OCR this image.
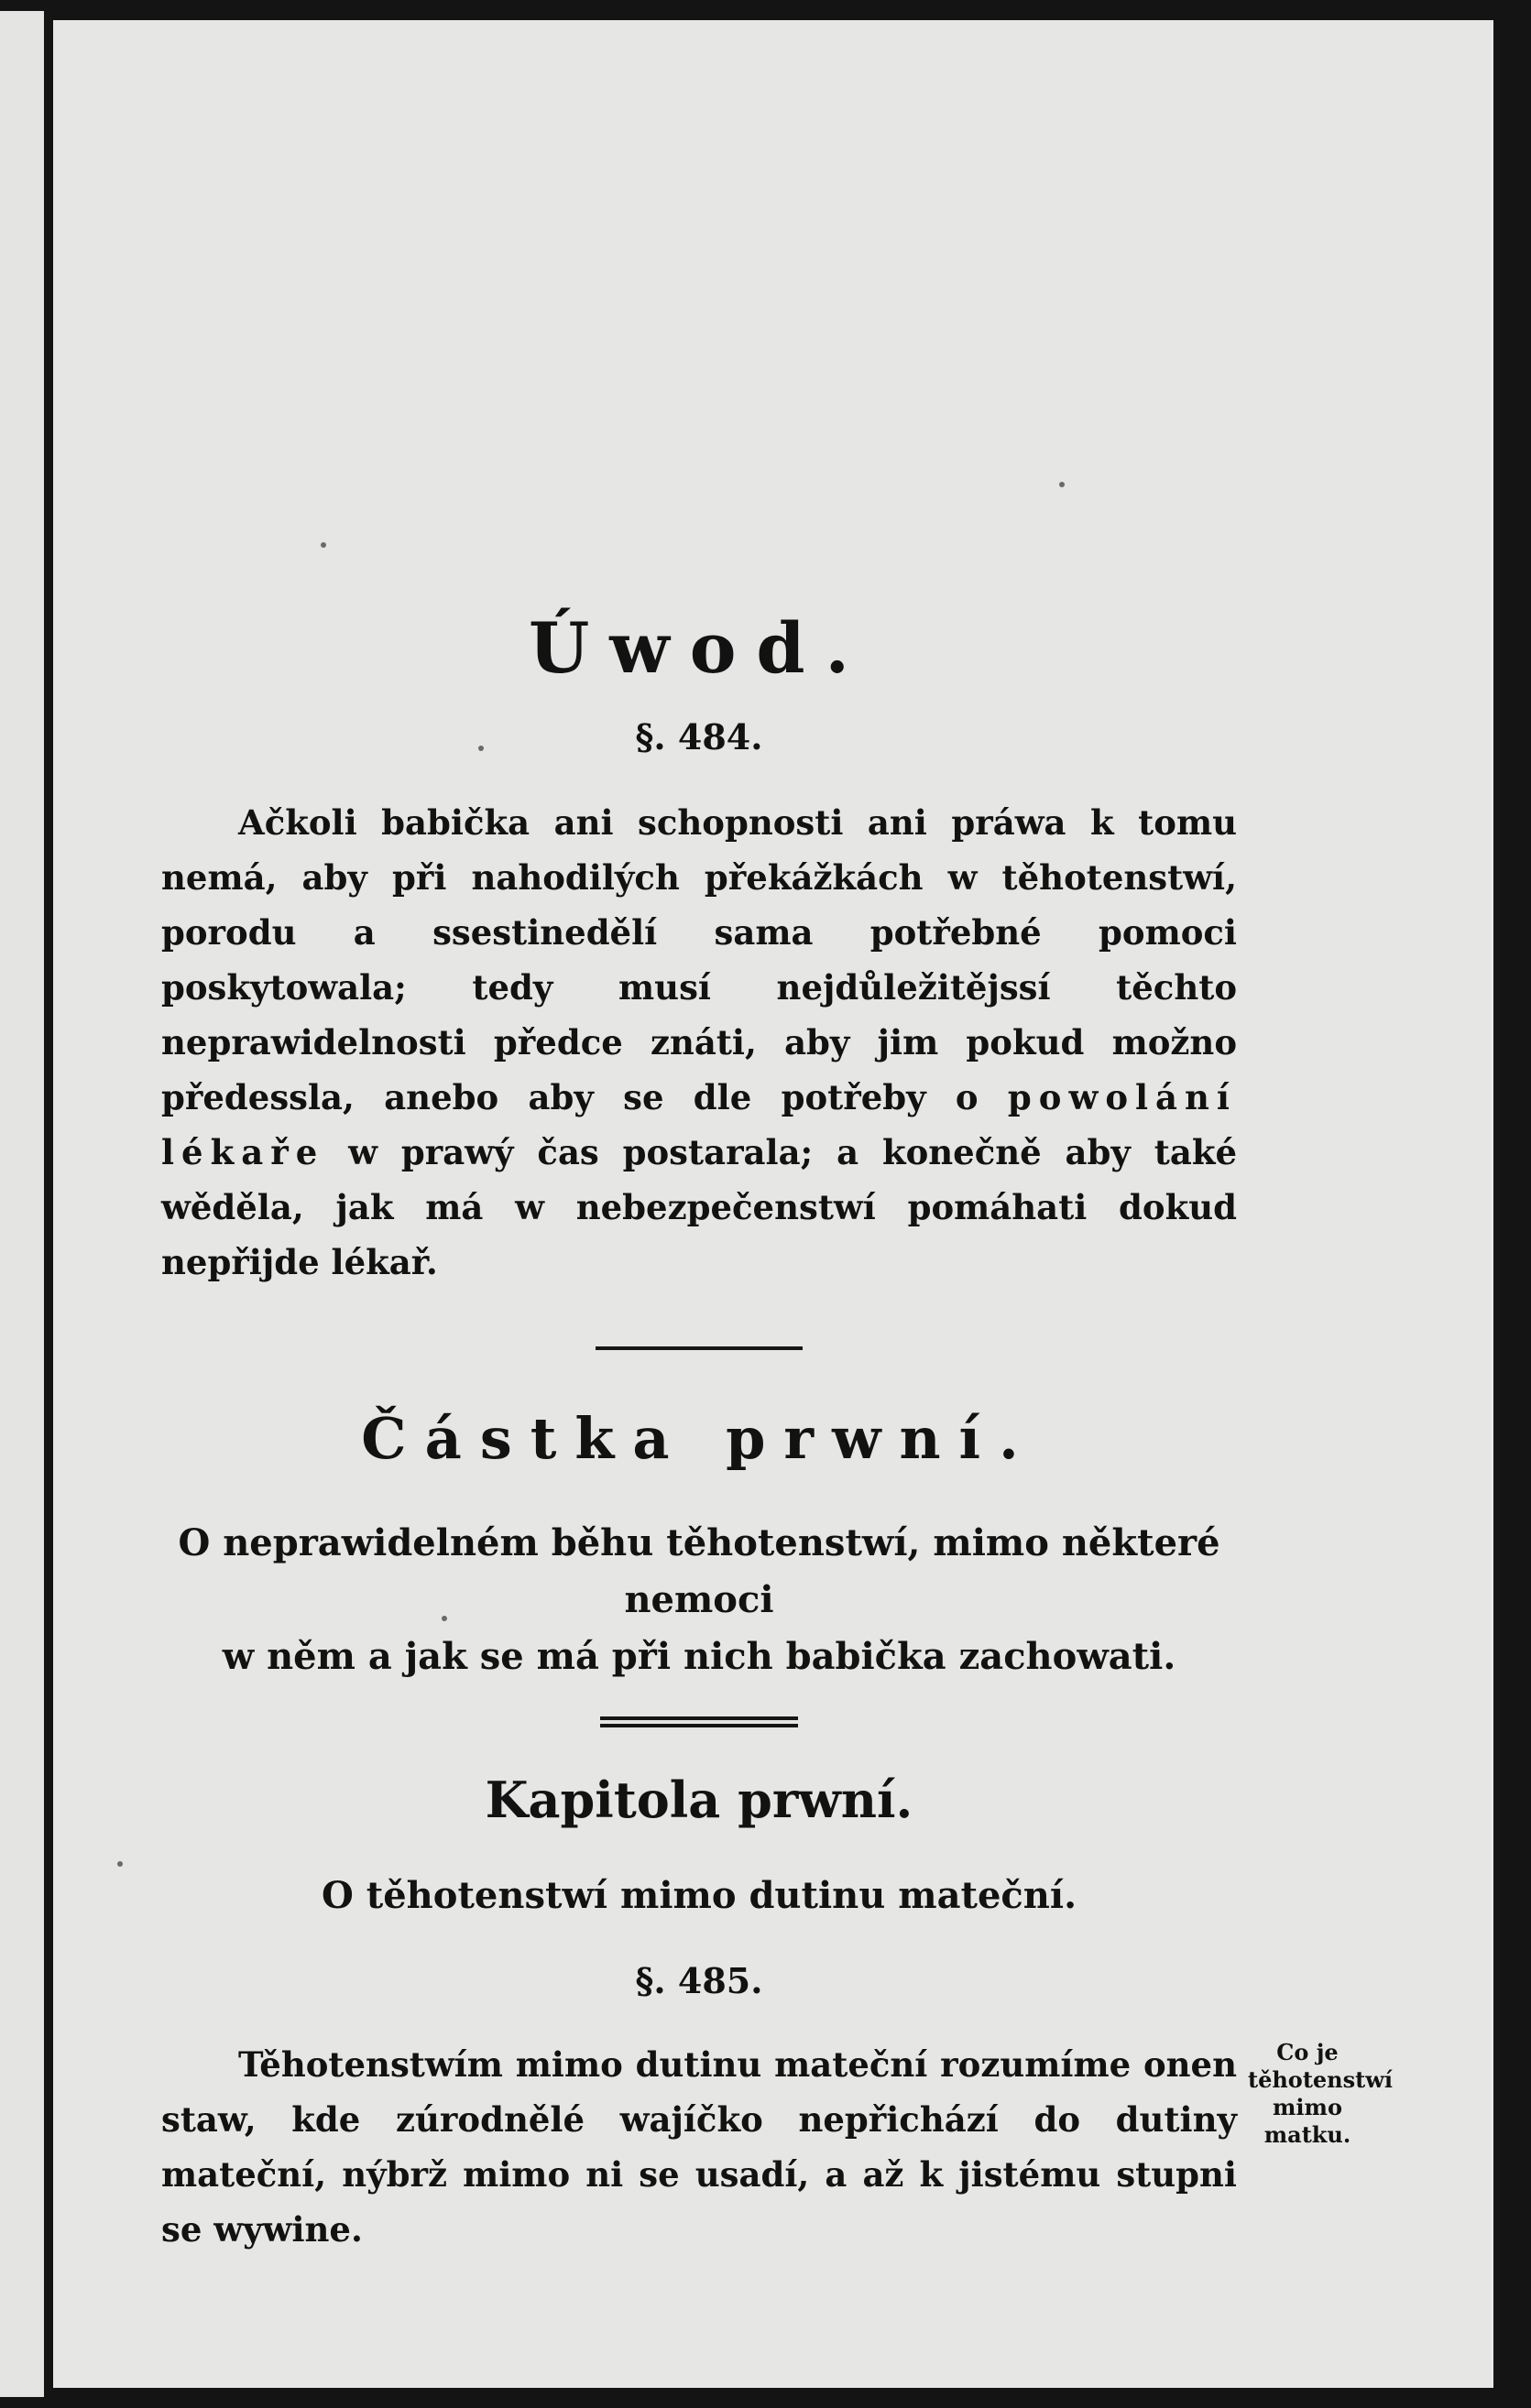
Úwod.
§. 484.

Ačkoli babička ani schopnosti ani práwa k tomu nemá, aby při nahodilých překážkách w těhotenstwí, porodu a ssestinedělí sama potřebné pomoci poskytowala; tedy musí nejdůležitějssí těchto neprawidelnosti předce znáti, aby jim pokud možno předessla, anebo aby se dle potřeby o powolání lékaře w prawý čas postarala; a konečně aby také wěděla, jak má w nebezpečenstwí pomáhati dokud nepřijde lékař.

Částka prwní.
O neprawidelném běhu těhotenstwí, mimo některé nemoci
w něm a jak se má při nich babička zachowati.
Kapitola prwní.
O těhotenstwí mimo dutinu mateční.
§. 485.

Těhotenstwím mimo dutinu mateční rozumíme onen staw, kde zúrodnělé wajíčko nepřichází do dutiny mateční, nýbrž mimo ni se usadí, a až k jistému stupni se wywine.

Co je těhotenstwí mimo matku.
